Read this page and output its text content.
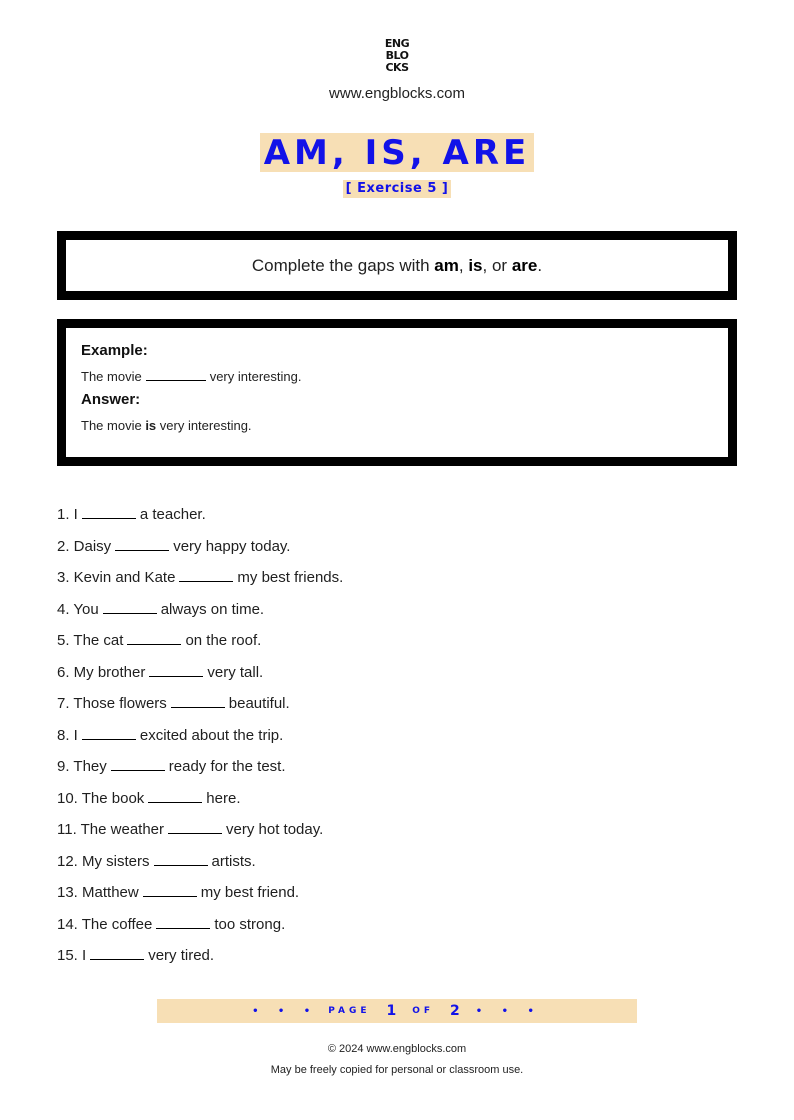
ENG
BLO
CKS
www.engblocks.com
AM, IS, ARE
[ Exercise 5 ]
Complete the gaps with am, is, or are.
Example:
The movie	very interesting.
Answer:
The movie is very interesting.
1. I	a teacher.
2. Daisy	very happy today.
3. Kevin and Kate	my best friends.
4. You	always on time.
5. The cat	on the roof.
6. My brother	very tall.
7. Those flowers	beautiful.
8. I	excited about the trip.
9. They	ready for the test.
10. The book	here.
11. The weather	very hot today.
12. My sisters	artists.
13. Matthew	my best friend.
14. The coffee	too strong.
15. I	very tired.
• • • PAGE 1 OF 2 • • •
© 2024 www.engblocks.com
May be freely copied for personal or classroom use.
